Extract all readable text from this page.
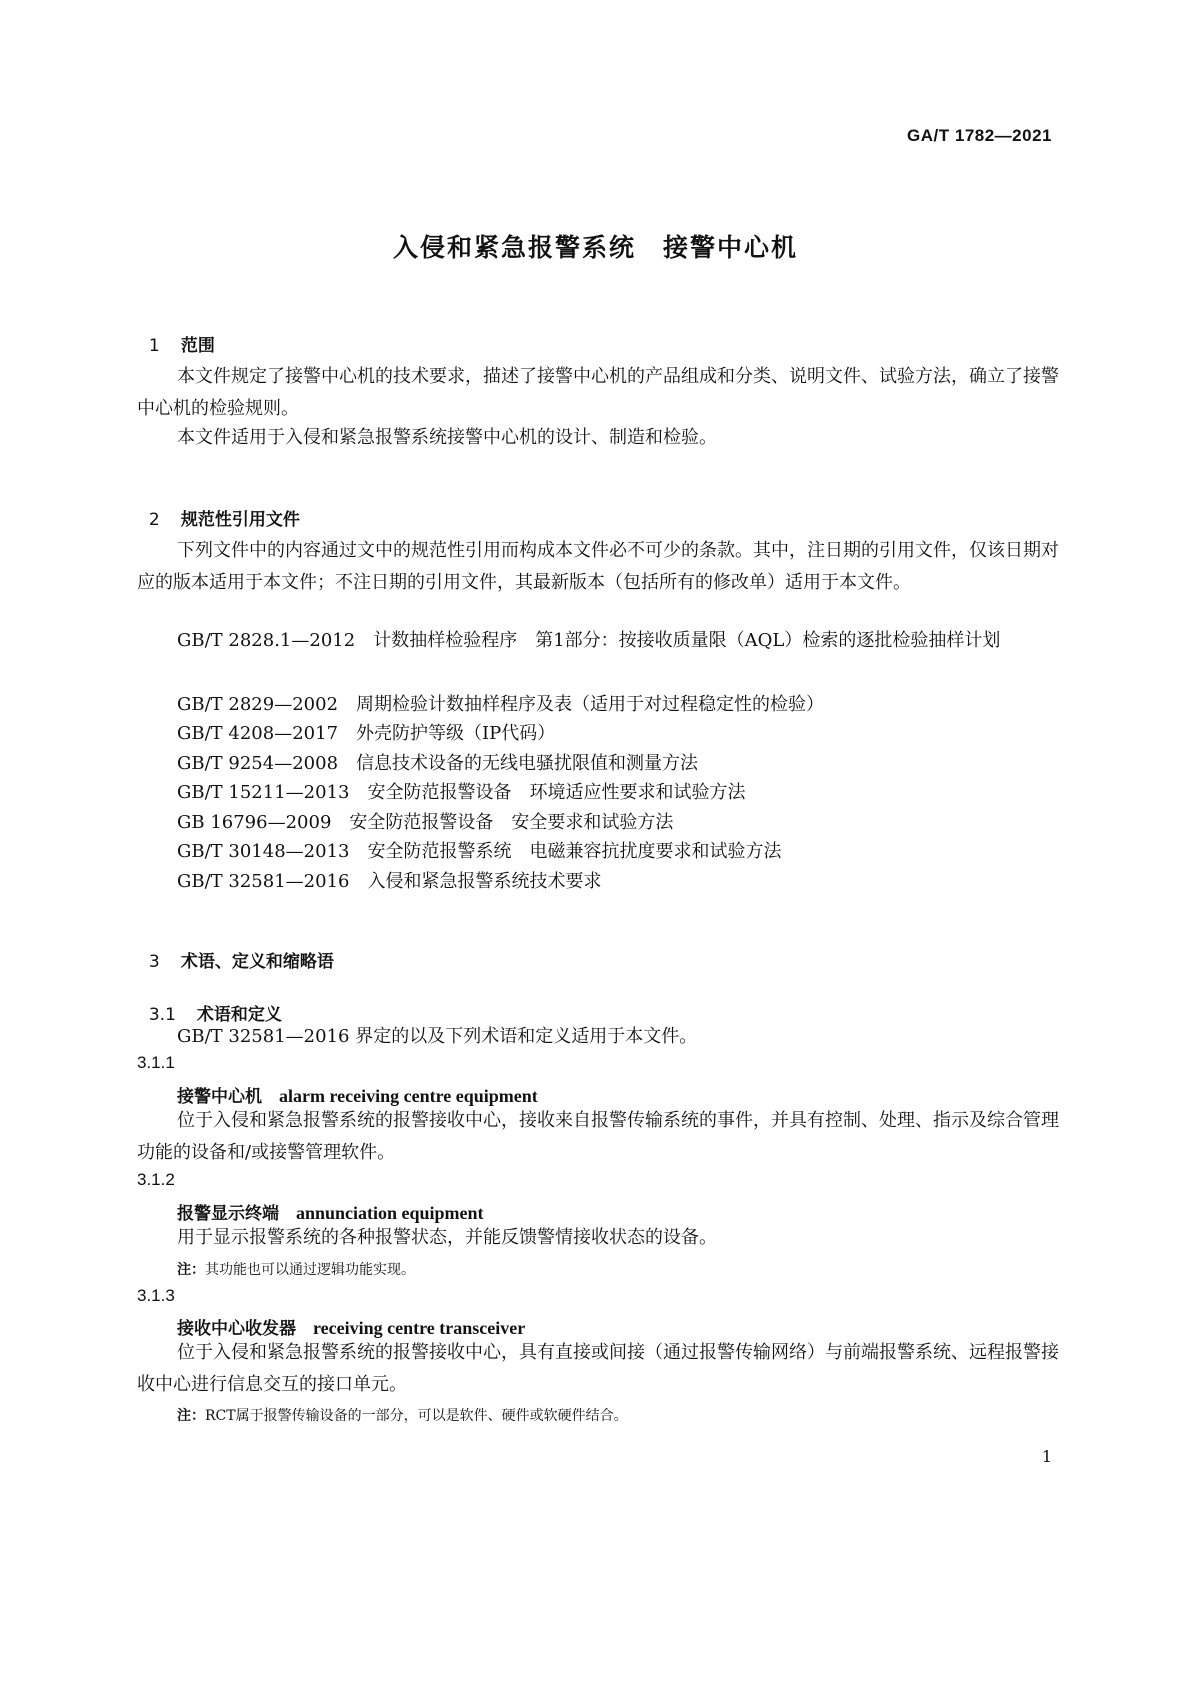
GA/T 1782—2021
入侵和紧急报警系统　接警中心机

1 范围

本文件规定了接警中心机的技术要求，描述了接警中心机的产品组成和分类、说明文件、试验方法，确立了接警中心机的检验规则。
本文件适用于入侵和紧急报警系统接警中心机的设计、制造和检验。

2 规范性引用文件

下列文件中的内容通过文中的规范性引用而构成本文件必不可少的条款。其中，注日期的引用文件，仅该日期对应的版本适用于本文件；不注日期的引用文件，其最新版本（包括所有的修改单）适用于本文件。
GB/T 2828.1—2012　计数抽样检验程序　第1部分：按接收质量限（AQL）检索的逐批检验抽样计划
GB/T 2829—2002　周期检验计数抽样程序及表（适用于对过程稳定性的检验）
GB/T 4208—2017　外壳防护等级（IP代码）
GB/T 9254—2008　信息技术设备的无线电骚扰限值和测量方法
GB/T 15211—2013　安全防范报警设备　环境适应性要求和试验方法
GB 16796—2009　安全防范报警设备　安全要求和试验方法
GB/T 30148—2013　安全防范报警系统　电磁兼容抗扰度要求和试验方法
GB/T 32581—2016　入侵和紧急报警系统技术要求

3 术语、定义和缩略语

3.1 术语和定义

GB/T 32581—2016 界定的以及下列术语和定义适用于本文件。
3.1.1
接警中心机　 alarm receiving centre equipment
位于入侵和紧急报警系统的报警接收中心，接收来自报警传输系统的事件，并具有控制、处理、指示及综合管理功能的设备和/或接警管理软件。
3.1.2
报警显示终端　 annunciation equipment
用于显示报警系统的各种报警状态，并能反馈警情接收状态的设备。
注：其功能也可以通过逻辑功能实现。
3.1.3
接收中心收发器　 receiving centre transceiver
位于入侵和紧急报警系统的报警接收中心，具有直接或间接（通过报警传输网络）与前端报警系统、远程报警接收中心进行信息交互的接口单元。
注：RCT属于报警传输设备的一部分，可以是软件、硬件或软硬件结合。
1
